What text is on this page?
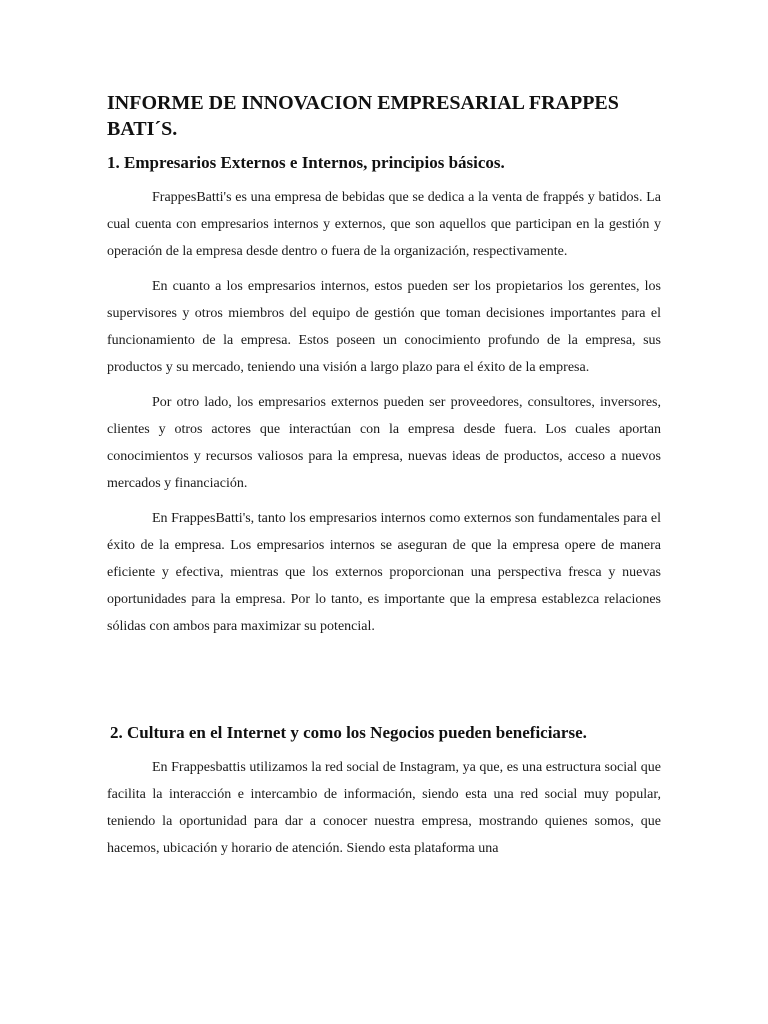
INFORME DE INNOVACION EMPRESARIAL FRAPPES BATI´S.
1. Empresarios Externos e Internos, principios básicos.

FrappesBatti's es una empresa de bebidas que se dedica a la venta de frappés y batidos. La cual cuenta con empresarios internos y externos, que son aquellos que participan en la gestión y operación de la empresa desde dentro o fuera de la organización, respectivamente.

En cuanto a los empresarios internos, estos pueden ser los propietarios los gerentes, los supervisores y otros miembros del equipo de gestión que toman decisiones importantes para el funcionamiento de la empresa. Estos poseen un conocimiento profundo de la empresa, sus productos y su mercado, teniendo una visión a largo plazo para el éxito de la empresa.

Por otro lado, los empresarios externos pueden ser proveedores, consultores, inversores, clientes y otros actores que interactúan con la empresa desde fuera. Los cuales aportan conocimientos y recursos valiosos para la empresa, nuevas ideas de productos, acceso a nuevos mercados y financiación.

En FrappesBatti's, tanto los empresarios internos como externos son fundamentales para el éxito de la empresa. Los empresarios internos se aseguran de que la empresa opere de manera eficiente y efectiva, mientras que los externos proporcionan una perspectiva fresca y nuevas oportunidades para la empresa. Por lo tanto, es importante que la empresa establezca relaciones sólidas con ambos para maximizar su potencial.

2. Cultura en el Internet y como los Negocios pueden beneficiarse.

En Frappesbattis utilizamos la red social de Instagram, ya que, es una estructura social que facilita la interacción e intercambio de información, siendo esta una red social muy popular, teniendo la oportunidad para dar a conocer nuestra empresa, mostrando quienes somos, que hacemos, ubicación y horario de atención. Siendo esta plataforma una
